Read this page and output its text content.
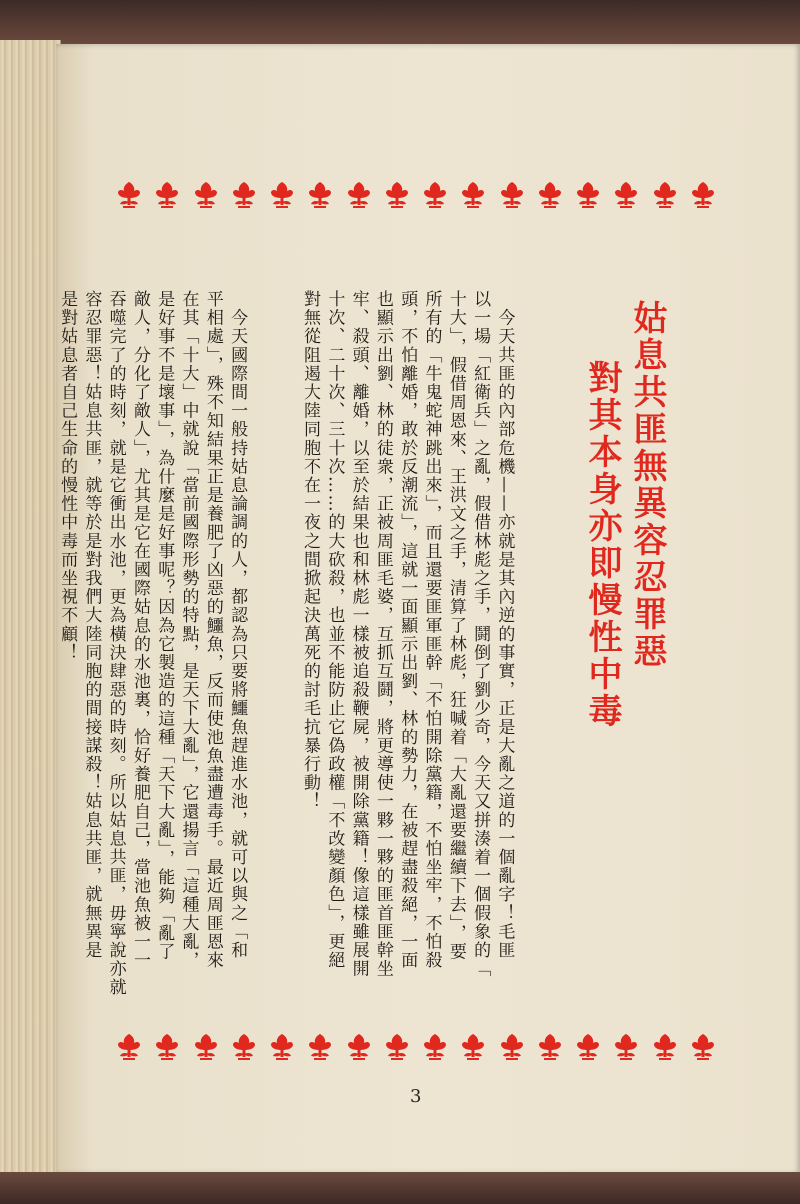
姑息共匪無異容忍罪惡
對其本身亦即慢性中毒

　今天共匪的內部危機——亦就是其內逆的事實，正是大亂之道的一個亂字！毛匪
以一場「紅衛兵」之亂，假借林彪之手，鬪倒了劉少奇，今天又拼湊着一個假象的「
十大」，假借周恩來、王洪文之手，清算了林彪，狂喊着「大亂還要繼續下去」，要
所有的「牛鬼蛇神跳出來」，而且還要匪軍匪幹「不怕開除黨籍，不怕坐牢，不怕殺
頭，不怕離婚，敢於反潮流」，這就一面顯示出劉、林的勢力，在被趕盡殺絕，一面
也顯示出劉、林的徒衆，正被周匪毛婆，互抓互鬪，將更導使一夥一夥的匪首匪幹坐
牢、殺頭、離婚，以至於結果也和林彪一樣被追殺鞭屍，被開除黨籍！像這樣雖展開
十次、二十次、三十次……的大砍殺，也並不能防止它偽政權「不改變顏色」，更絕
對無從阻遏大陸同胞不在一夜之間掀起決萬死的討毛抗暴行動！

　今天國際間一般持姑息論調的人，都認為只要將鱷魚趕進水池，就可以與之「和
平相處」，殊不知結果正是養肥了凶惡的鱷魚，反而使池魚盡遭毒手。最近周匪恩來
在其「十大」中就說「當前國際形勢的特點，是天下大亂」，它還揚言「這種大亂，
是好事不是壞事」，為什麼是好事呢？因為它製造的這種「天下大亂」，能夠「亂了
敵人，分化了敵人」，尤其是它在國際姑息的水池裏，恰好養肥自己，當池魚被一一
吞噬完了的時刻，就是它衝出水池，更為橫決肆惡的時刻。所以姑息共匪，毋寧說亦就
容忍罪惡！姑息共匪，就等於是對我們大陸同胞的間接謀殺！姑息共匪，就無異是
是對姑息者自己生命的慢性中毒而坐視不顧！

3
